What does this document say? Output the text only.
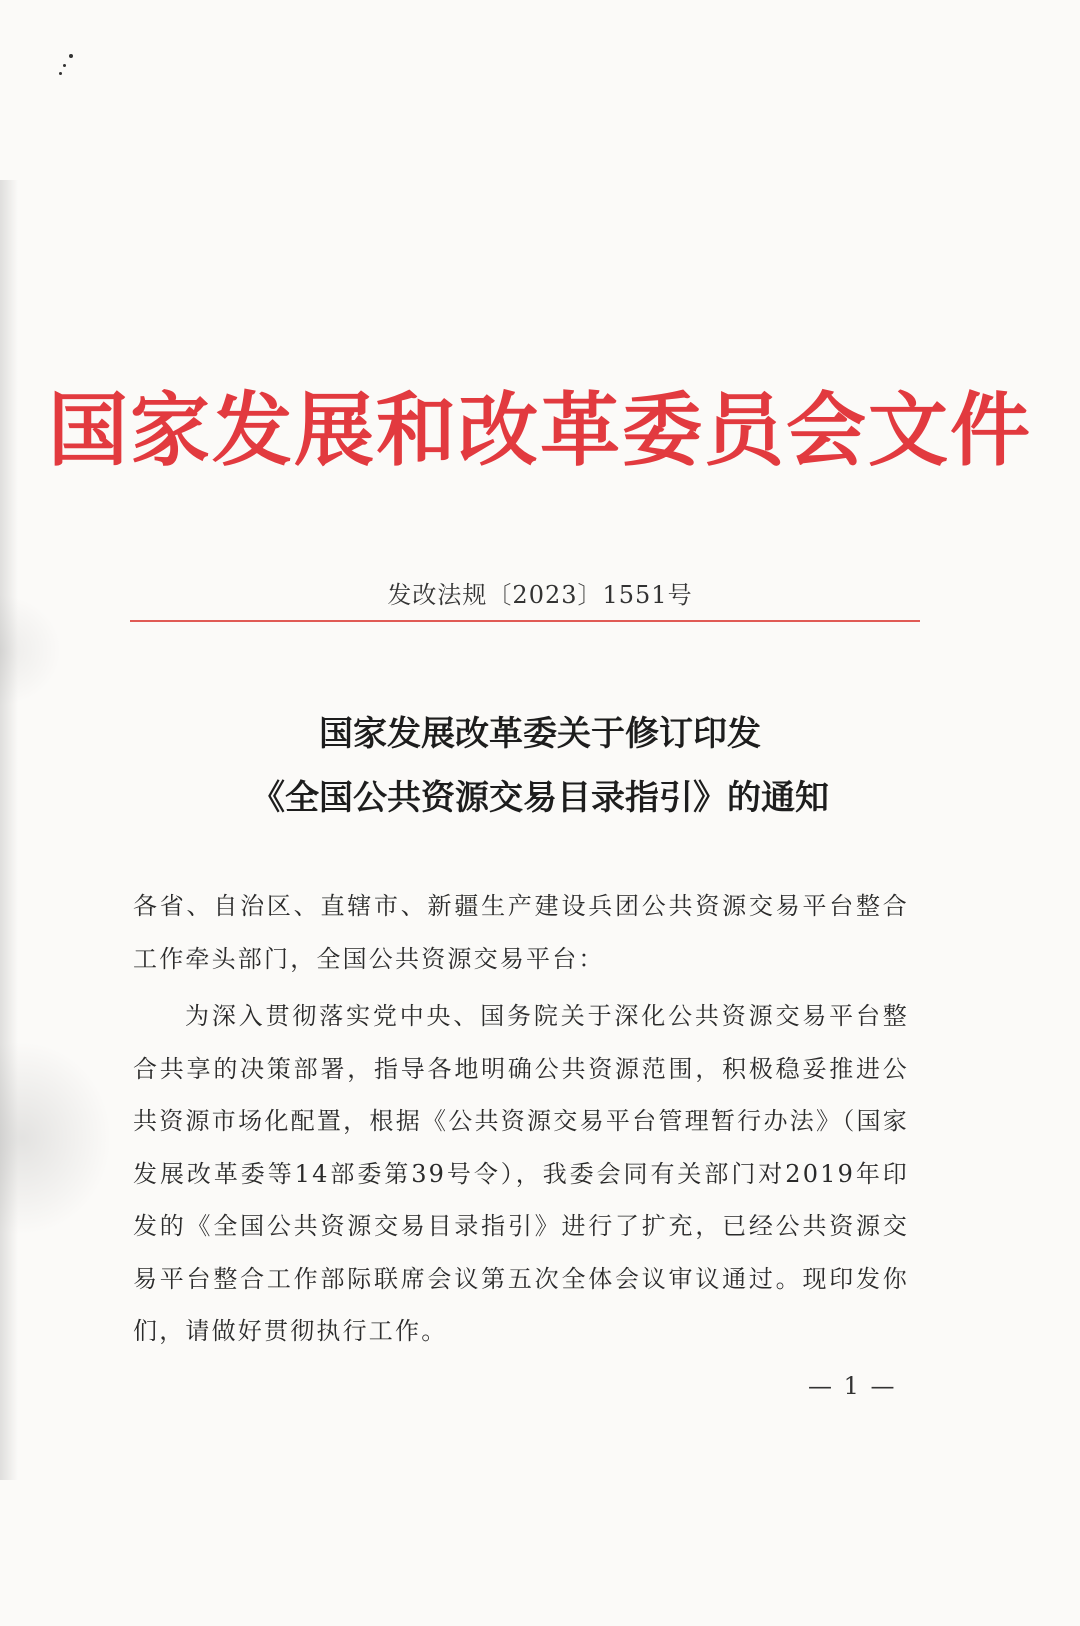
国家发展和改革委员会文件
发改法规〔2023〕1551号
国家发展改革委关于修订印发
《全国公共资源交易目录指引》的通知
各省、自治区、直辖市、新疆生产建设兵团公共资源交易平台整合工作牵头部门，全国公共资源交易平台：
为深入贯彻落实党中央、国务院关于深化公共资源交易平台整合共享的决策部署，指导各地明确公共资源范围，积极稳妥推进公共资源市场化配置，根据《公共资源交易平台管理暂行办法》（国家发展改革委等14部委第39号令），我委会同有关部门对2019年印发的《全国公共资源交易目录指引》进行了扩充，已经公共资源交易平台整合工作部际联席会议第五次全体会议审议通过。现印发你们，请做好贯彻执行工作。
— 1 —
